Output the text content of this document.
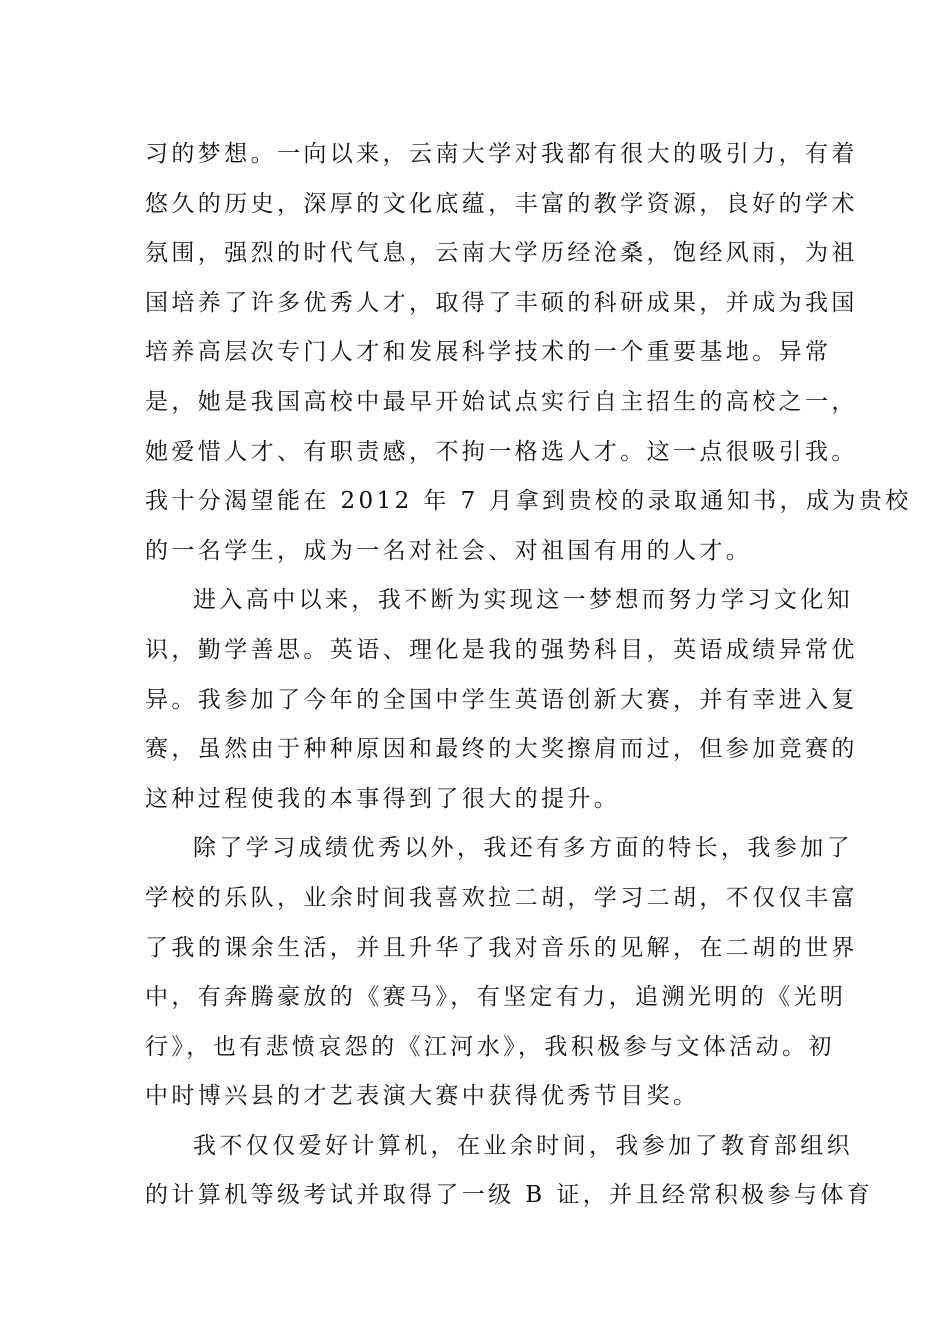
习的梦想。一向以来，云南大学对我都有很大的吸引力，有着
悠久的历史，深厚的文化底蕴，丰富的教学资源，良好的学术
氛围，强烈的时代气息，云南大学历经沧桑，饱经风雨，为祖
国培养了许多优秀人才，取得了丰硕的科研成果，并成为我国
培养高层次专门人才和发展科学技术的一个重要基地。异常
是，她是我国高校中最早开始试点实行自主招生的高校之一，
她爱惜人才、有职责感，不拘一格选人才。这一点很吸引我。
我十分渴望能在 2012 年 7 月拿到贵校的录取通知书，成为贵校
的一名学生，成为一名对社会、对祖国有用的人才。
进入高中以来，我不断为实现这一梦想而努力学习文化知
识，勤学善思。英语、理化是我的强势科目，英语成绩异常优
异。我参加了今年的全国中学生英语创新大赛，并有幸进入复
赛，虽然由于种种原因和最终的大奖擦肩而过，但参加竞赛的
这种过程使我的本事得到了很大的提升。
除了学习成绩优秀以外，我还有多方面的特长，我参加了
学校的乐队，业余时间我喜欢拉二胡，学习二胡，不仅仅丰富
了我的课余生活，并且升华了我对音乐的见解，在二胡的世界
中，有奔腾豪放的《赛马》，有坚定有力，追溯光明的《光明
行》，也有悲愤哀怨的《江河水》，我积极参与文体活动。初
中时博兴县的才艺表演大赛中获得优秀节目奖。
我不仅仅爱好计算机，在业余时间，我参加了教育部组织
的计算机等级考试并取得了一级 B 证，并且经常积极参与体育
